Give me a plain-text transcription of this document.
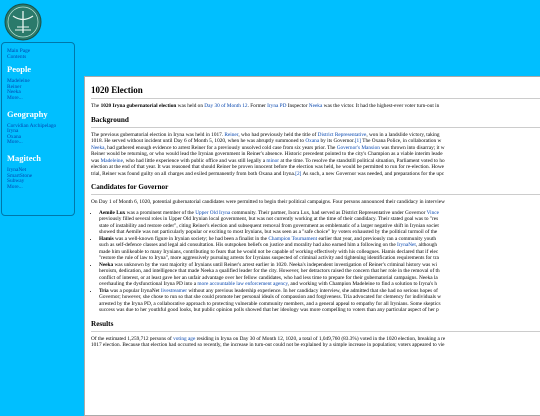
Main Page
Contents
People
Madeleine
Reiner
Neeka
More...
Geography
Corvidian Archipelago
Iryna
Oxana
More...
Magitech
IrynaNet
SmartStone
Subway
More...
1020 Election

The 1020 Iryna gubernatorial election was held on Day 30 of Month 12. Former Iryna PD Inspector Neeka was the victor. It had the highest-ever voter turn-out in

Background

The previous gubernatorial election in Iryna was held in 1017. Reiner, who had previously held the title of District Representative, won in a landslide victory, taking
1018. He served without incident until Day 6 of Month 5, 1020, when he was abruptly summoned to Oxana by its Governor.[1] The Oxana Police, in collaboration w
Neeka, had gathered enough evidence to arrest Reiner for a previously unsolved cold case from six years prior. The Governor's Mansion was thrown into disarray; it w
Reiner would be returning, or who would lead the Irynian government in Reiner's absence. Historic precedent pointed to the city's Champion as a viable interim leade
was Madeleine, who had little experience with public office and was still legally a minor at the time. To resolve the standstill political situation, Parliament voted to ho
election at the end of that year. It was reasoned that should Reiner be proven innocent before the election was held, he would be permitted to run for re-election. Howe
trial, Reiner was found guilty on all charges and exiled permanently from both Oxana and Iryna.[2] As such, a new Governor was needed, and preparations for the upc

Candidates for Governor

On Day 1 of Month 6, 1020, potential gubernatorial candidates were permitted to begin their political campaigns. Four persons announced their candidacy in interview

• Aemile Lux was a prominent member of the Upper Old Iryna community. Their partner, Ixora Lux, had served as District Representative under Governor Vince
previously filled several roles in Upper Old Irynian local government, but was not currently working at the time of their candidacy. Their stated goal was to "res
state of instability and restore order", citing Reiner's election and subsequent removal from government as emblematic of a larger negative shift in Irynian societ
showed that Aemile was not particularly popular or exciting to most Irynians, but was seen as a "safe choice" by voters exhausted by the political turmoil of the
• Hamis was a well-known figure in Irynian society; he had been a finalist in the Champion Tournament earlier that year, and previously ran a community youth
such as self-defence classes and legal aid consultation. His outspoken beliefs on justice and morality had also earned him a following on the IrynaNet, although
made him unlikeable to many Irynians, contributing to fears that he would not be capable of working effectively with his colleagues. Hamis declared that if elec
"restore the rule of law to Iryna", more aggressively pursuing arrests for Irynians suspected of criminal activity and tightening identification requirements for tra
• Neeka was unknown by the vast majority of Irynians until Reiner's arrest earlier in 1020. Neeka's independent investigation of Reiner's criminal history was wi
heroism, dedication, and intelligence that made Neeka a qualified leader for the city. However, her detractors raised the concern that her role in the removal of th
conflict of interest, or at least gave her an unfair advantage over her fellow candidates, who had less time to prepare for their gubernatorial campaigns. Neeka la
overhauling the dysfunctional Iryna PD into a more accountable law enforcement agency, and working with Champion Madeleine to find a solution to Iryna's h
• Tria was a popular IrynaNet livestreamer without any previous leadership experience. In her candidacy interview, she admitted that she had no serious hopes of
Governor; however, she chose to run so that she could promote her personal ideals of compassion and forgiveness. Tria advocated for clemency for individuals w
arrested by the Iryna PD, a collaborative approach to protecting vulnerable community members, and a general appeal to empathy for all Irynians. Some skeptics
success was due to her youthful good looks, but public opinion polls showed that her ideology was more compelling to voters than any particular aspect of her p
Results

Of the estimated 1,259,712 persons of voting age residing in Iryna on Day 30 of Month 12, 1020, a total of 1,049,760 (83.3%) voted in the 1020 election, breaking a re
1017 election. Because that election had occurred so recently, the increase in turn-out could not be explained by a simple increase in population; voters appeared to vie
